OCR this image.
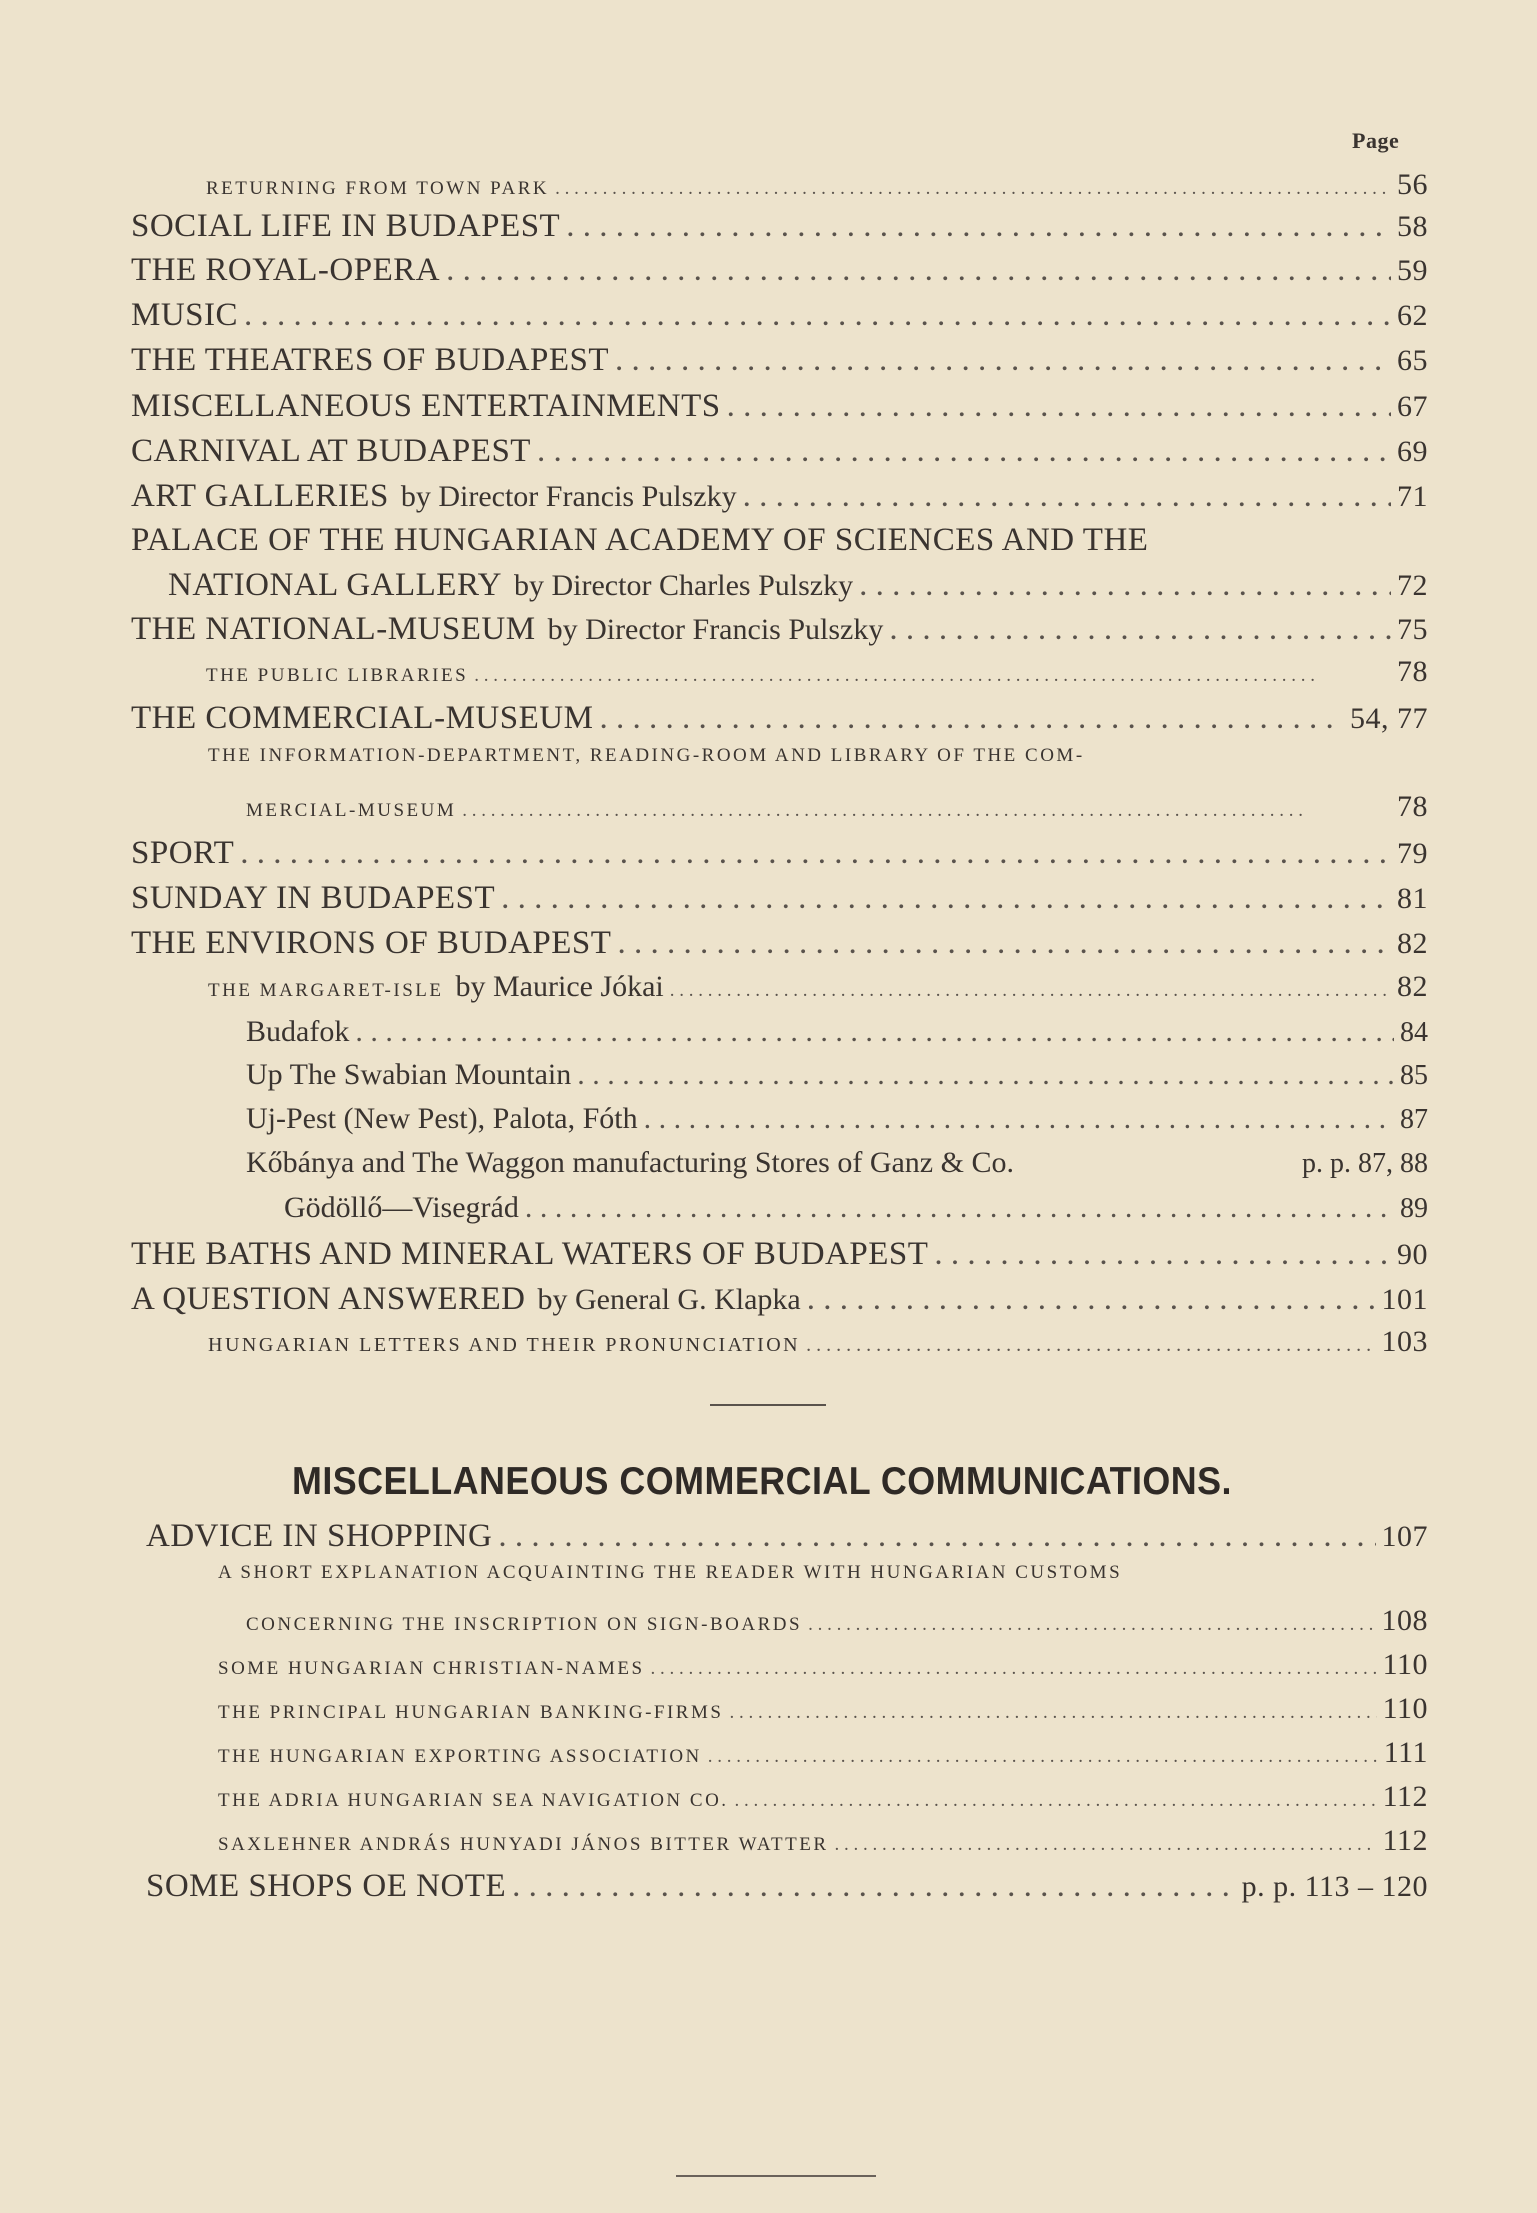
Page
RETURNING FROM TOWN PARK . . .	56
SOCIAL LIFE IN BUDAPEST . . .	58
THE ROYAL-OPERA . . .	59
MUSIC . . .	62
THE THEATRES OF BUDAPEST . . .	65
MISCELLANEOUS ENTERTAINMENTS . . .	67
CARNIVAL AT BUDAPEST . . .	69
ART GALLERIES by Director Francis Pulszky . . .	71
PALACE OF THE HUNGARIAN ACADEMY OF SCIENCES AND THE
NATIONAL GALLERY by Director Charles Pulszky . . .	72
THE NATIONAL-MUSEUM by Director Francis Pulszky . . .	75
THE PUBLIC LIBRARIES . . .	78
THE COMMERCIAL-MUSEUM . . .	54, 77
THE INFORMATION-DEPARTMENT, READING-ROOM AND LIBRARY OF THE COM-
MERCIAL-MUSEUM . . .	78
SPORT . . .	79
SUNDAY IN BUDAPEST . . .	81
THE ENVIRONS OF BUDAPEST . . .	82
THE MARGARET-ISLE by Maurice Jókai . . .	82
Budafok . . .	84
Up The Swabian Mountain . . .	85
Uj-Pest (New Pest), Palota, Fóth . . .	87
Kőbánya and The Waggon manufacturing Stores of Ganz & Co.	p. p. 87, 88
Gödöllő—Visegrád . . .	89
THE BATHS AND MINERAL WATERS OF BUDAPEST . . .	90
A QUESTION ANSWERED by General G. Klapka . . .	101
HUNGARIAN LETTERS AND THEIR PRONUNCIATION . . .	103
MISCELLANEOUS COMMERCIAL COMMUNICATIONS.
ADVICE IN SHOPPING . . .	107
A SHORT EXPLANATION ACQUAINTING THE READER WITH HUNGARIAN CUSTOMS
CONCERNING THE INSCRIPTION ON SIGN-BOARDS . . .	108
SOME HUNGARIAN CHRISTIAN-NAMES . . .	110
THE PRINCIPAL HUNGARIAN BANKING-FIRMS . . .	110
THE HUNGARIAN EXPORTING ASSOCIATION . . .	111
THE ADRIA HUNGARIAN SEA NAVIGATION CO. . . .	112
SAXLEHNER ANDRÁS HUNYADI JÁNOS BITTER WATTER . . .	112
SOME SHOPS OE NOTE . . .	p. p. 113 – 120
